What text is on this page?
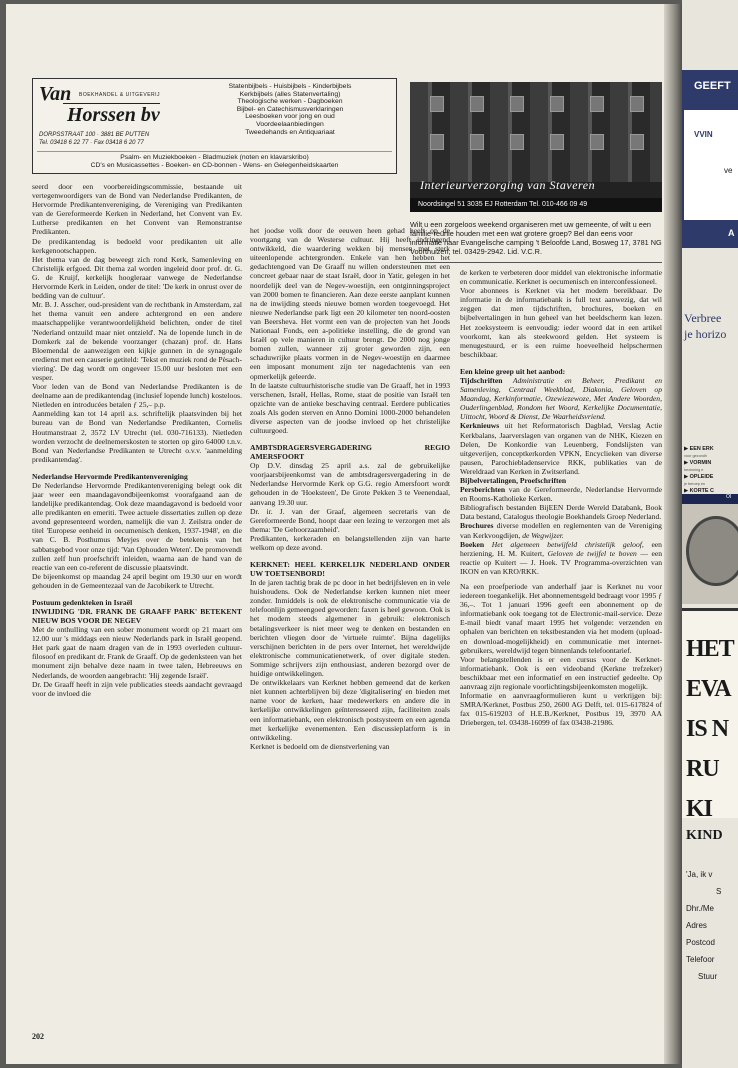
Van BOEKHANDEL & UITGEVERIJ
Horssen bv
DORPSSTRAAT 100 · 3881 BE PUTTEN
Tel. 03418 6 22 77 · Fax 03418 6 20 77
Statenbijbels - Huisbijbels - Kinderbijbels
Kerkbijbels (alles Statenvertaling)
Theologische werken - Dagboeken
Bijbel- en Catechismusverklaringen
Leesboeken voor jong en oud
Voordeelaanbiedingen
Tweedehands en Antiquariaat
Psalm- en Muziekboeken - Bladmuziek (noten en klavarskribo)
CD's en Musicassettes - Boeken- en CD-bonnen - Wens- en Gelegenheidskaarten
Interieurverzorging van Staveren
Noordsingel 51 3035 EJ Rotterdam Tel. 010-466 09 49
Wilt u een zorgeloos weekend organiseren met uw gemeente, of wilt u een familie-reünie houden met een wat grotere groep? Bel dan eens voor informatie naar Evangelische camping 't Beloofde Land, Bosweg 17, 3781 NG Voorthuizen, tel. 03429-2942. Lid. V.C.R.

seerd door een voorbereidingscommissie, bestaande uit vertegenwoordigers van de Bond van Nederlandse Predikanten, de Hervormde Predikantenvereniging, de Vereniging van Predikanten van de Gereformeerde Kerken in Nederland, het Convent van Ev. Lutherse predikanten en het Convent van Remonstrantse Predikanten.

De predikantendag is bedoeld voor predikanten uit alle kerkgenootschappen.

Het thema van de dag beweegt zich rond Kerk, Samenleving en Christelijk erfgoed. Dit thema zal worden ingeleid door prof. dr. G. G. de Kruijf, kerkelijk hoogleraar vanwege de Nederlandse Hervormde Kerk in Leiden, onder de titel: 'De kerk in onrust over de bedding van de cultuur'.

Mr. B. J. Asscher, oud-president van de rechtbank in Amsterdam, zal het thema vanuit een andere achtergrond en een andere maatschappelijke verantwoordelijkheid belichten, onder de titel 'Nederland ontzuild maar niet ontziеld'. Na de lopende lunch in de Domkerk zal de bekende voorzanger (chazan) prof. dr. Hans Bloemendal de aanwezigen een kijkje gunnen in de synagogale erediеnst met een causerie getiteld: 'Tekst en muziek rond de Pèsach-viering'. De dag wordt om ongeveer 15.00 uur besloten met een vesper.

Voor leden van de Bond van Nederlandse Predikanten is de deelname aan de predikantendag (inclusief lopende lunch) kosteloos. Nietleden en introducées betalen ƒ 25,– p.p.

Aanmelding kan tot 14 april a.s. schriftelijk plaatsvinden bij het bureau van de Bond van Nederlandse Predikanten, Cornelis Houtmanstraat 2, 3572 LV Utrecht (tel. 030-716133). Nietleden worden verzocht de deelnemerskosten te storten op giro 64000 t.n.v. Bond van Nederlandse Predikanten te Utrecht o.v.v. 'aanmelding predikantendag'.

Nederlandse Hervormde Predikantenvereniging

De Nederlandse Hervormde Predikantenvereniging belegt ook dit jaar weer een maandagavondbijeenkomst voorafgaand aan de landelijke predikantendag. Ook deze maandagavond is bedoeld voor alle predikanten en emeriti. Twee actuele dissertaties zullen op deze avond gepresenteerd worden, namelijk die van J. Zeilstra onder de titel 'Europese eenheid in oecumenisch denken, 1937-1948', en die van C. B. Posthumus Meyjes over de betekenis van het sabbatsgebod voor onze tijd: 'Van Ophouden Weten'. De promovendi zullen zelf hun proefschrift inleiden, waarna aan de hand van de reactie van een co-referent de discussie plaatsvindt.

De bijeenkomst op maandag 24 april begint om 19.30 uur en wordt gehouden in de Gemeentezaal van de Jacobikerk te Utrecht.

Postuum gedenkteken in Israël
INWIJDING 'DR. FRANK DE GRAAFF PARK' BETEKENT NIEUW BOS VOOR DE NEGEV

Met de onthulling van een sober monument wordt op 21 maart om 12.00 uur 's middags een nieuw Nederlands park in Israël geopend. Het park gaat de naam dragen van de in 1993 overleden cultuur-filosoof en predikant dr. Frank de Graaff. Op de gedenksteen van het monument zijn behalve deze naam in twee talen, Hebreeuws en Nederlands, de woorden aangebracht: 'Hij zegende Israël'.

Dr. De Graaff heeft in zijn vele publicaties steeds aandacht gevraagd voor de invloed die

het joodse volk door de eeuwen heen gehad heeft op de voortgang van de Westerse cultuur. Hij heeft indringend ontwikkeld, die waardering wekken bij mensen met sterk uiteenlopende achtergronden. Enkele van hen hebben het gedachtengoed van De Graaff nu willen ondersteunen met een concreet gebaar naar de staat Israël, door in Yatir, gelegen in het noordelijk deel van de Negev-woestijn, een ontginningsproject van 2000 bomen te financieren. Aan deze eerste aanplant kunnen na de inwijding steeds nieuwe bomen worden toegevoegd. Het nieuwe Nederlandse park ligt een 20 kilometer ten noord-oosten van Beersheva. Het vormt een van de projecten van het Joods Nationaal Fonds, een a-politieke instelling, die de grond van Israël op vele manieren in cultuur brengt. De 2000 nog jonge bomen zullen, wanneer zij groter geworden zijn, een schaduwrijke plaats vormen in de Negev-woestijn en daarmee een imposant monument zijn ter nagedachtenis van een opmerkelijk geleerde.

In de laatste cultuurhistorische studie van De Graaff, het in 1993 verschenen, Israël, Hellas, Rome, staat de positie van Israël ten opzichte van de antieke beschaving centraal. Eerdere publicaties zoals Als goden sterven en Anno Domini 1000-2000 behandelen diverse aspecten van de joodse invloed op het christelijke cultuurgoed.

AMBTSDRAGERSVERGADERING REGIO AMERSFOORT

Op D.V. dinsdag 25 april a.s. zal de gebruikelijke voorjaarsbijeenkomst van de ambtsdragersvergadering in de Nederlandse Hervormde Kerk op G.G. regio Amersfoort wordt gehouden in de 'Hoeksteen', De Grote Pekken 3 te Veenendaal, aanvang 19.30 uur.

Dr. ir. J. van der Graaf, algemeen secretaris van de Gereformeerde Bond, hoopt daar een lezing te verzorgen met als thema: 'De Gehoorzaamheid'.

Predikanten, kerkeraden en belangstellenden zijn van harte welkom op deze avond.

KERKNET: HEEL KERKELIJK NEDERLAND ONDER UW TOETSENBORD!

In de jaren tachtig brak de pc door in het bedrijfsleven en in vele huishoudens. Ook de Nederlandse kerken kunnen niet meer zonder. Inmiddels is ook de elektronische communicatie via de telefoonlijn gemeengoed geworden: faxen is heel gewoon. Ook is het modem steeds algemener in gebruik: elektronisch betalingsverkeer is niet meer weg te denken en bestanden en berichten vliegen door de 'virtuele ruimte'. Bijna dagelijks verschijnen berichten in de pers over Internet, het wereldwijde elektronische communicatienetwerk, of over digitale steden. Sommige schrijvers zijn enthousiast, anderen bezorgd over de huidige ontwikkelingen.

De ontwikkelaars van Kerknet hebben gemeend dat de kerken niet kunnen achterblijven bij deze 'digitalisering' en bieden met name voor de kerken, haar medewerkers en andere die in kerkelijke ontwikkelingen geïnteresseerd zijn, faciliteiten zoals een informatiebank, een elektronisch postsysteem en een agenda met kerkelijke evenementen. Een discussieplatform is in ontwikkeling.

Kerknet is bedoeld om de dienstverlening van

de kerken te verbeteren door middel van elektronische informatie en communicatie. Kerknet is oecumenisch en interconfessioneel.

Voor abonnees is Kerknet via het modem bereikbaar. De informatie in de informatiebank is full text aanwezig, dat wil zeggen dat men tijdschriften, brochures, boeken en bijbelvertalingen in hun geheel van het beeldscherm kan lezen. Het zoeksysteem is eenvoudig: ieder woord dat in een artikel voorkomt, kan als steekwoord gelden. Het systeem is menugestuurd, er is een ruime hoeveelheid helpschermen beschikbaar.

Een kleine greep uit het aanbod:

Tijdschriften Administratie en Beheer, Predikant en Samenleving, Centraal Weekblad, Diakonia, Geloven op Maandag, Kerkinformatie, Ozewiezewoze, Met Andere Woorden, Ouderlingenblad, Rondom het Woord, Kerkelijke Documentatie, Uittocht, Woord & Dienst, De Waarheidsvriend.

Kerknieuws uit het Reformatorisch Dagblad, Verslag Actie Kerkbalans, Jaarverslagen van organen van de NHK, Kiezen en Delen, De Konkordie van Leuenberg, Fondslijsten van uitgeverijen, conceptkerkorden VPKN, Encyclieken van diverse pausen, Parochiebladenservice RKK, publikaties van de Wereldraad van Kerken in Zwitserland.

Bijbelvertalingen, Proefschriften

Persberichten van de Gereformeerde, Nederlandse Hervormde en Rooms-Katholieke Kerken.

Bibliografisch bestanden BijEEN Derde Wereld Databank, Book Data bestand, Catalogus theologie Boekhandels Groep Nederland.

Brochures diverse modellen en reglementen van de Vereniging van Kerkvoogdijen, de Wegwijzer.

Boeken Het algemeen betwijfeld christelijk geloof, een herziening, H. M. Kuitert, Geloven de twijfel te boven — een reactie op Kuitert — J. Hoek. TV Programma-overzichten van IKON en van KRO/RKK.

Na een proefperiode van anderhalf jaar is Kerknet nu voor iedereen toegankelijk. Het abonnementsgeld bedraagt voor 1995 ƒ 36,–. Tot 1 januari 1996 geeft een abonnement op de informatiebank ook toegang tot de Electronic-mail-service. Deze E-mail biedt vanaf maart 1995 het volgende: verzenden en ophalen van berichten en tekstbestanden via het modem (upload- en download-mogelijkheid) en communicatie met internet-gebruikers, wereldwijd tegen binnenlands telefoontarief.

Voor belangstellenden is er een cursus voor de Kerknet-informatiebank. Ook is een videoband (Kerkne trefzeker) beschikbaar met een informatief en een instructief gedeelte. Op aanvraag zijn regionale voorlichtingsbijeenkomsten mogelijk.

Informatie en aanvraagformulieren kunt u verkrijgen bij: SMRA/Kerknet, Postbus 250, 2600 AG Delft, tel. 015-617824 of fax 015-619203 of H.E.B./Kerknet, Postbus 19, 3970 AA Driebergen, tel. 03438-16099 of fax 03438-21986.

202
GEEFT
VVIN
ve
A
Verbree
je horizo
▶ EEN ERK
voor gezondh
▶ VORMIN
bezinning e
▶ OPLEIDE
je beroep en
▶ KORTE C

OI
HET
EVA
IS N
RU
KI
KIND
'Ja, ik v
S
Dhr./Me
Adres
Postcod
Telefoor
Stuur
